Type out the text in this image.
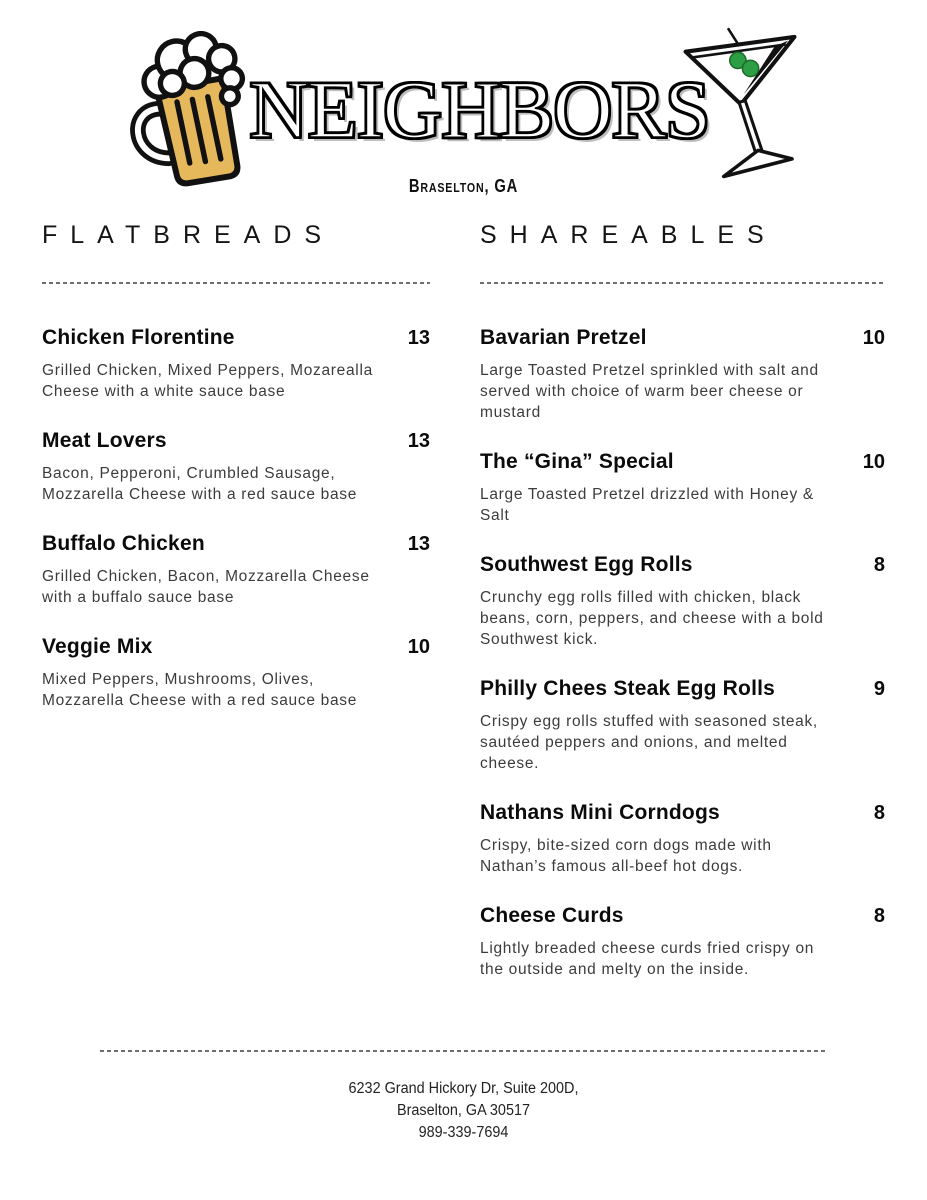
NEIGHBORS
Braselton, GA
FLATBREADS
Chicken Florentine	13

Grilled Chicken, Mixed Peppers, Mozarealla Cheese with a white sauce base

Meat Lovers	13

Bacon, Pepperoni, Crumbled Sausage, Mozzarella Cheese with a red sauce base

Buffalo Chicken	13

Grilled Chicken, Bacon, Mozzarella Cheese with a buffalo sauce base

Veggie Mix	10

Mixed Peppers, Mushrooms, Olives, Mozzarella Cheese with a red sauce base

SHAREABLES
Bavarian Pretzel	10

Large Toasted Pretzel sprinkled with salt and served with choice of warm beer cheese or mustard

The “Gina” Special	10

Large Toasted Pretzel drizzled with Honey & Salt

Southwest Egg Rolls	8

Crunchy egg rolls filled with chicken, black beans, corn, peppers, and cheese with a bold Southwest kick.

Philly Chees Steak Egg Rolls	9

Crispy egg rolls stuffed with seasoned steak, sautéed peppers and onions, and melted cheese.

Nathans Mini Corndogs	8

Crispy, bite-sized corn dogs made with Nathan’s famous all-beef hot dogs.

Cheese Curds	8

Lightly breaded cheese curds fried crispy on the outside and melty on the inside.

6232 Grand Hickory Dr, Suite 200D,
Braselton, GA 30517
989-339-7694
